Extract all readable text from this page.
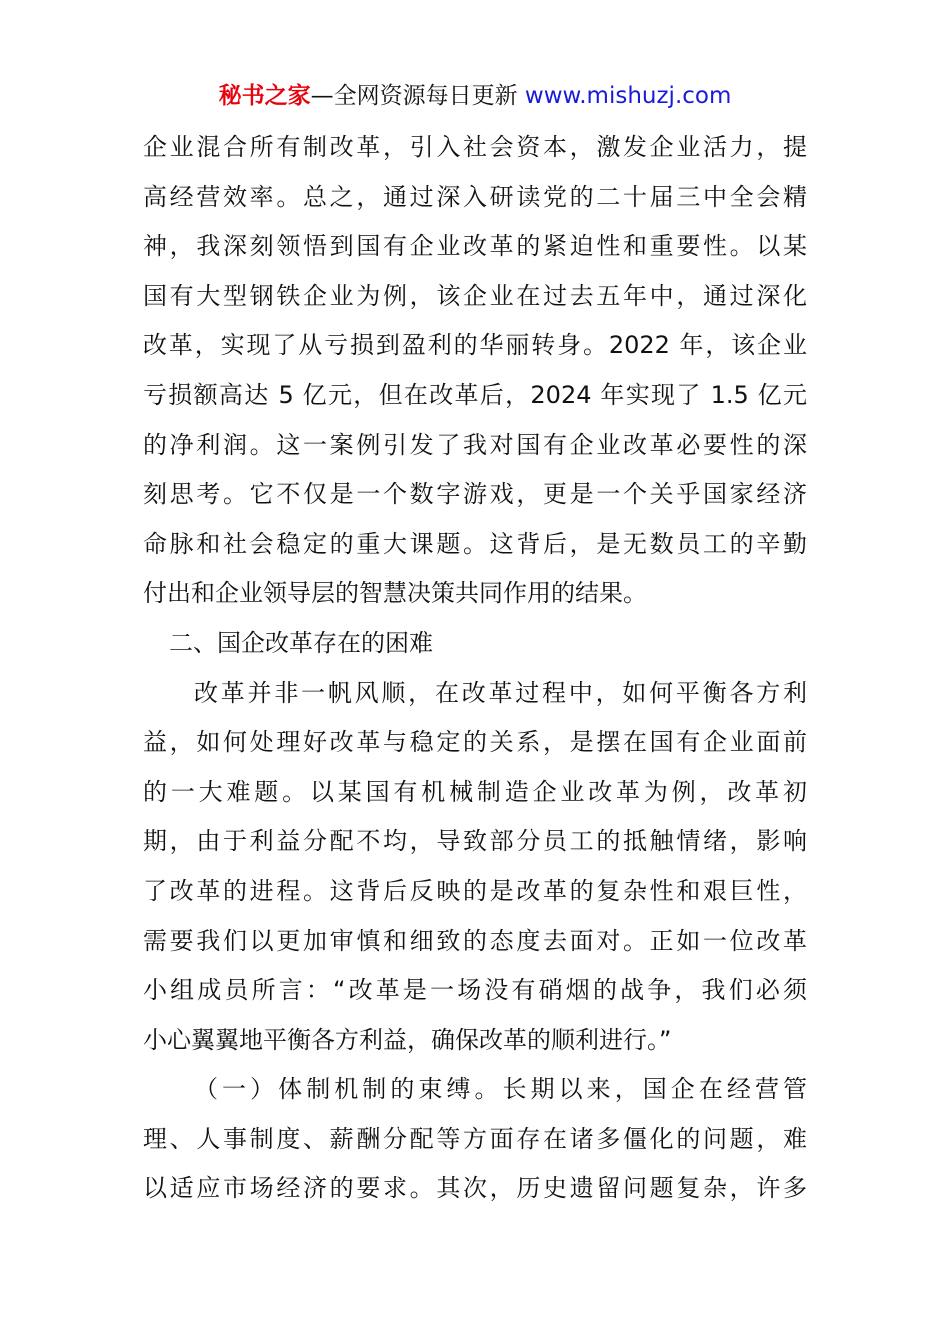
秘书之家—全网资源每日更新 www.mishuzj.com
企业混合所有制改革，引入社会资本，激发企业活力，提
高经营效率。总之，通过深入研读党的二十届三中全会精
神，我深刻领悟到国有企业改革的紧迫性和重要性。以某
国有大型钢铁企业为例，该企业在过去五年中，通过深化
改革，实现了从亏损到盈利的华丽转身。2022 年，该企业
亏损额高达 5 亿元，但在改革后，2024 年实现了 1.5 亿元
的净利润。这一案例引发了我对国有企业改革必要性的深
刻思考。它不仅是一个数字游戏，更是一个关乎国家经济
命脉和社会稳定的重大课题。这背后，是无数员工的辛勤
付出和企业领导层的智慧决策共同作用的结果。
二、国企改革存在的困难
改革并非一帆风顺，在改革过程中，如何平衡各方利
益，如何处理好改革与稳定的关系，是摆在国有企业面前
的一大难题。以某国有机械制造企业改革为例，改革初
期，由于利益分配不均，导致部分员工的抵触情绪，影响
了改革的进程。这背后反映的是改革的复杂性和艰巨性，
需要我们以更加审慎和细致的态度去面对。正如一位改革
小组成员所言：“改革是一场没有硝烟的战争，我们必须
小心翼翼地平衡各方利益，确保改革的顺利进行。”
（一）体制机制的束缚。长期以来，国企在经营管
理、人事制度、薪酬分配等方面存在诸多僵化的问题，难
以适应市场经济的要求。其次，历史遗留问题复杂，许多
